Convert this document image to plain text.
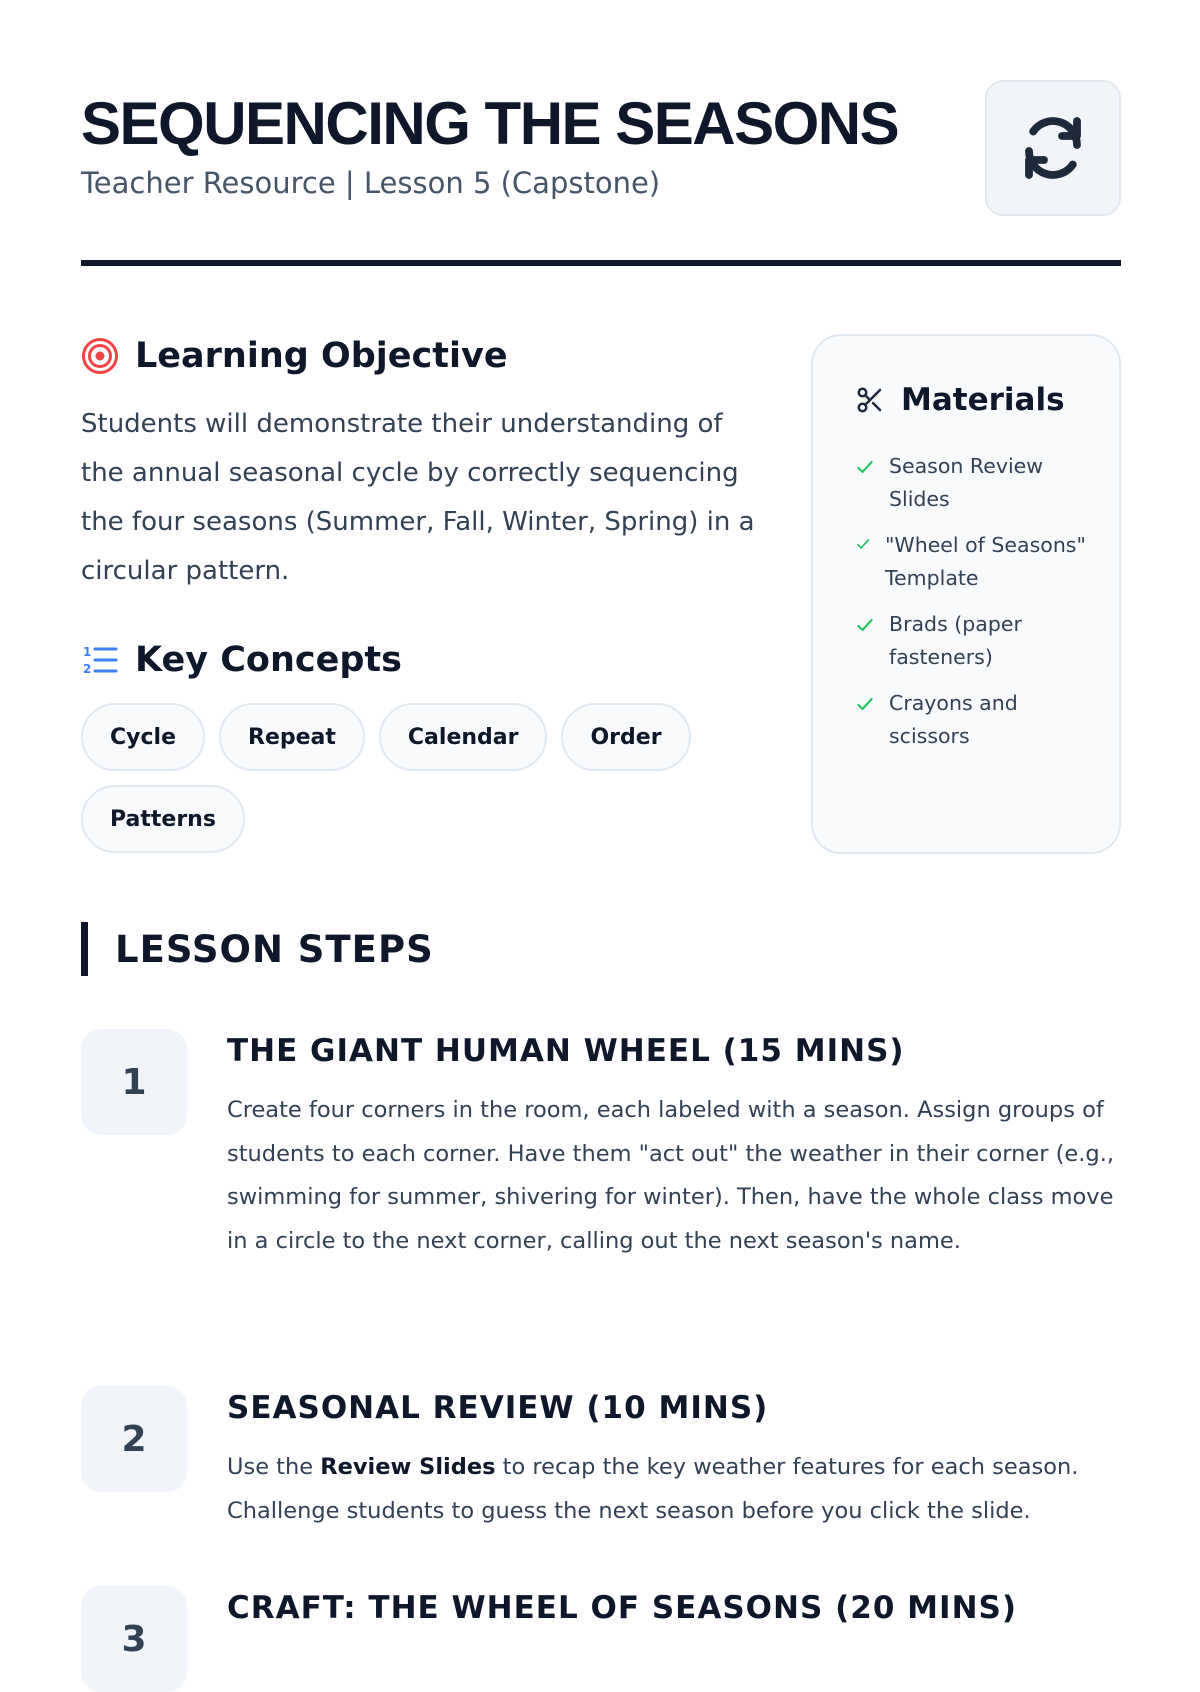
SEQUENCING THE SEASONS
Teacher Resource | Lesson 5 (Capstone)
Learning Objective

Students will demonstrate their understanding of the annual seasonal cycle by correctly sequencing the four seasons (Summer, Fall, Winter, Spring) in a circular pattern.

1
2 Key Concepts
Cycle	Repeat	Calendar	Order
Patterns
Materials
Season Review Slides
"Wheel of Seasons" Template
Brads (paper fasteners)
Crayons and scissors
LESSON STEPS
1
THE GIANT HUMAN WHEEL (15 MINS)

Create four corners in the room, each labeled with a season. Assign groups of students to each corner. Have them "act out" the weather in their corner (e.g., swimming for summer, shivering for winter). Then, have the whole class move in a circle to the next corner, calling out the next season's name.

2
SEASONAL REVIEW (10 MINS)

Use the Review Slides to recap the key weather features for each season. Challenge students to guess the next season before you click the slide.

3
CRAFT: THE WHEEL OF SEASONS (20 MINS)
